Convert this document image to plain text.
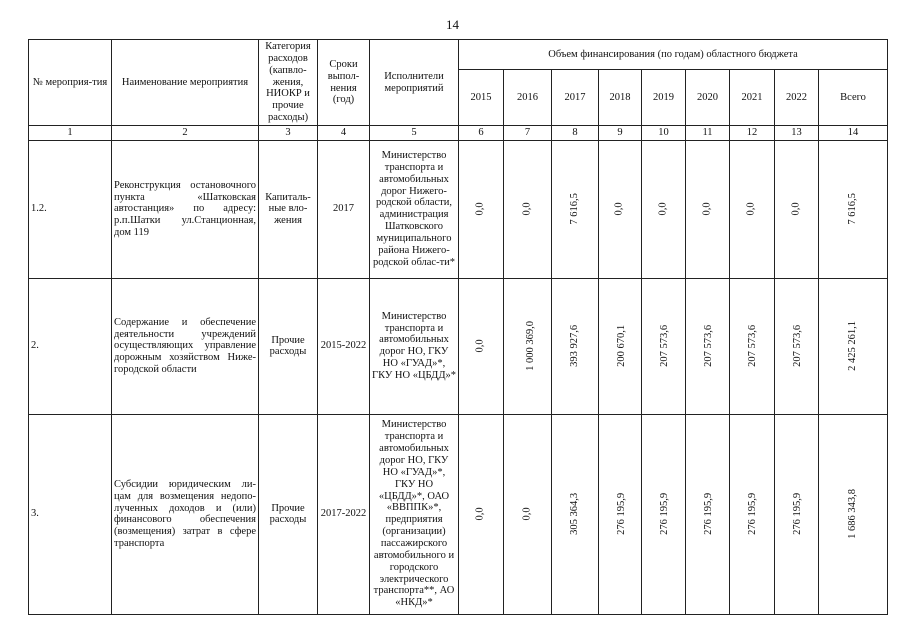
14
№ мероприя-тия	Наименование мероприятия	Категория расходов (капвло-жения, НИОКР и прочие расходы)	Сроки выпол-нения (год)	Исполнители мероприятий	Объем финансирования (по годам) областного бюджета								
					2015	2016	2017	2018	2019	2020	2021	2022	Всего
1	2	3	4	5	6	7	8	9	10	11	12	13	14
1.2.	Реконструкция остановочного пункта «Шатковская автостанция» по адресу: р.п.Шатки ул.Станционная, дом 119	Капиталь-ные вло-жения	2017	Министерство транспорта и автомобильных дорог Нижего-родской области, администрация Шатковского муниципального района Нижего-родской облас-ти*	0,0	0,0	7 616,5	0,0	0,0	0,0	0,0	0,0	7 616,5
2.	Содержание и обеспечение деятельности учреждений осуществляющих управление дорожным хозяйством Ниже-городской области	Прочие расходы	2015-2022	Министерство транспорта и автомобильных дорог НО, ГКУ НО «ГУАД»*, ГКУ НО «ЦБДД»*	0,0	1 000 369,0	393 927,6	200 670,1	207 573,6	207 573,6	207 573,6	207 573,6	2 425 261,1
3.	Субсидии юридическим ли-цам для возмещения недопо-лученных доходов и (или) финансового обеспечения (возмещения) затрат в сфере транспорта	Прочие расходы	2017-2022	Министерство транспорта и автомобильных дорог НО, ГКУ НО «ГУАД»*, ГКУ НО «ЦБДД»*, ОАО «ВВППК»*, предприятия (организации) пассажирского автомобильного и городского электрического транспорта**, АО «НКД»*	0,0	0,0	305 364,3	276 195,9	276 195,9	276 195,9	276 195,9	276 195,9	1 686 343,8
